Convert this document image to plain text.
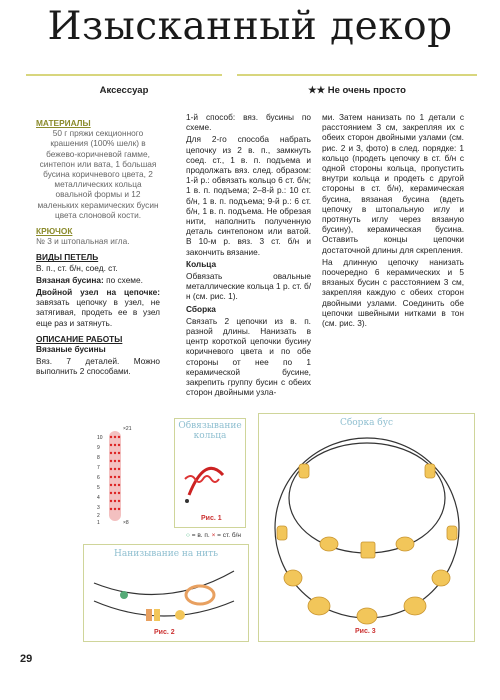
Изысканный декор
Аксессуар	★★ Не очень просто
МАТЕРИАЛЫ
50 г пряжи секционного крашения (100% шелк) в бежево-коричневой гамме, синтепон или вата, 1 большая бусина коричневого цвета, 2 металлических кольца овальной формы и 12 маленьких керамических бусин цвета слоновой кости.
КРЮЧОК
№ 3 и штопальная игла.
ВИДЫ ПЕТЕЛЬ
В. п., ст. б/н, соед. ст.
Вязаная бусина: по схеме.
Двойной узел на цепочке: завязать цепочку в узел, не затягивая, продеть ее в узел еще раз и затянуть.
ОПИСАНИЕ РАБОТЫ
Вязаные бусины
Вяз. 7 деталей. Можно выполнить 2 способами.
1-й способ: вяз. бусины по схеме.
Для 2-го способа набрать цепочку из 2 в. п., замкнуть соед. ст., 1 в. п. подъема и продолжать вяз. след. образом: 1-й р.: обвязать кольцо 6 ст. б/н; 1 в. п. подъема; 2–8-й р.: 10 ст. б/н, 1 в. п. подъема; 9-й р.: 6 ст. б/н, 1 в. п. подъема. Не обрезая нити, наполнить полученную деталь синтепоном или ватой. В 10-м р. вяз. 3 ст. б/н и закончить вязание.
Кольца
Обвязать овальные металлические кольца 1 р. ст. б/н (см. рис. 1).
Сборка
Связать 2 цепочки из в. п. разной длины. Нанизать в центр короткой цепочки бусину коричневого цвета и по обе стороны от нее по 1 керамической бусине, закрепить группу бусин с обеих сторон двойными узла-
ми. Затем нанизать по 1 детали с расстоянием 3 см, закрепляя их с обеих сторон двойными узлами (см. рис. 2 и 3, фото) в след. порядке: 1 кольцо (продеть цепочку в ст. б/н с одной стороны кольца, пропустить внутри кольца и продеть с другой стороны в ст. б/н), керамическая бусина, вязаная бусина (вдеть цепочку в штопальную иглу и протянуть иглу через вязаную бусину), керамическая бусина. Оставить концы цепочки достаточной длины для скрепления.
На длинную цепочку нанизать поочередно 6 керамических и 5 вязаных бусин с расстоянием 3 см, закрепляя каждую с обеих сторон двойными узлами. Соединить обе цепочки швейными нитками в тон (см. рис. 3).
×21
×8
10
9
8
7
6
5
4
3
2
1
Обвязывание кольца
Рис. 1
○ = в. п. × = ст. б/н
Нанизывание на нить
Рис. 2
Сборка бус
Рис. 3
29
